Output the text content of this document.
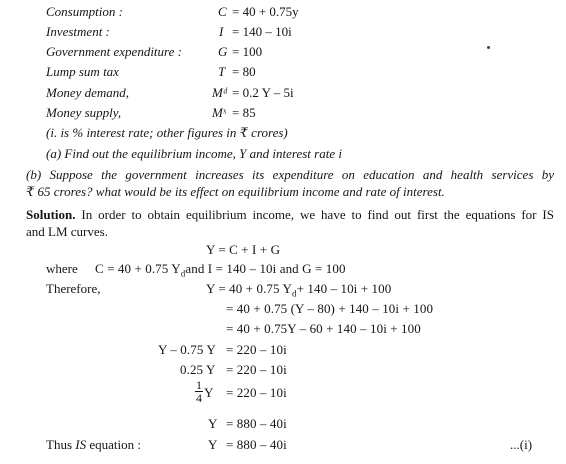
Consumption :	C = 40 + 0.75y
Investment :	I = 140 – 10i
Government expenditure :	G = 100
Lump sum tax	T = 80
Money demand,	Mᵈ = 0.2 Y – 5i
Money supply,	Mˢ = 85
(i. is % interest rate; other figures in ₹ crores)
(a) Find out the equilibrium income, Y and interest rate i
(b) Suppose the government increases its expenditure on education and health services by
₹ 65 crores? what would be its effect on equilibrium income and rate of interest.
Solution. In order to obtain equilibrium income, we have to find out first the equations for IS
and LM curves.
Y = C + I + G
where C = 40 + 0.75 $Y_dand$ I = 140 – 10i and G = 100
Therefore,	Y = 40 + 0.75 $Y_d+ 140 - 10i + 100$
= 40 + 0.75 (Y – 80) + 140 – 10i + 100
= 40 + 0.75Y – 60 + 140 – 10i + 100
Y – 0.75 Y = 220 – 10i
0.25 Y = 220 – 10i
$\frac{1}{4}$ Y = 220 – 10i
Y = 880 – 40i
Thus IS equation :	Y = 880 – 40i	...(i)
